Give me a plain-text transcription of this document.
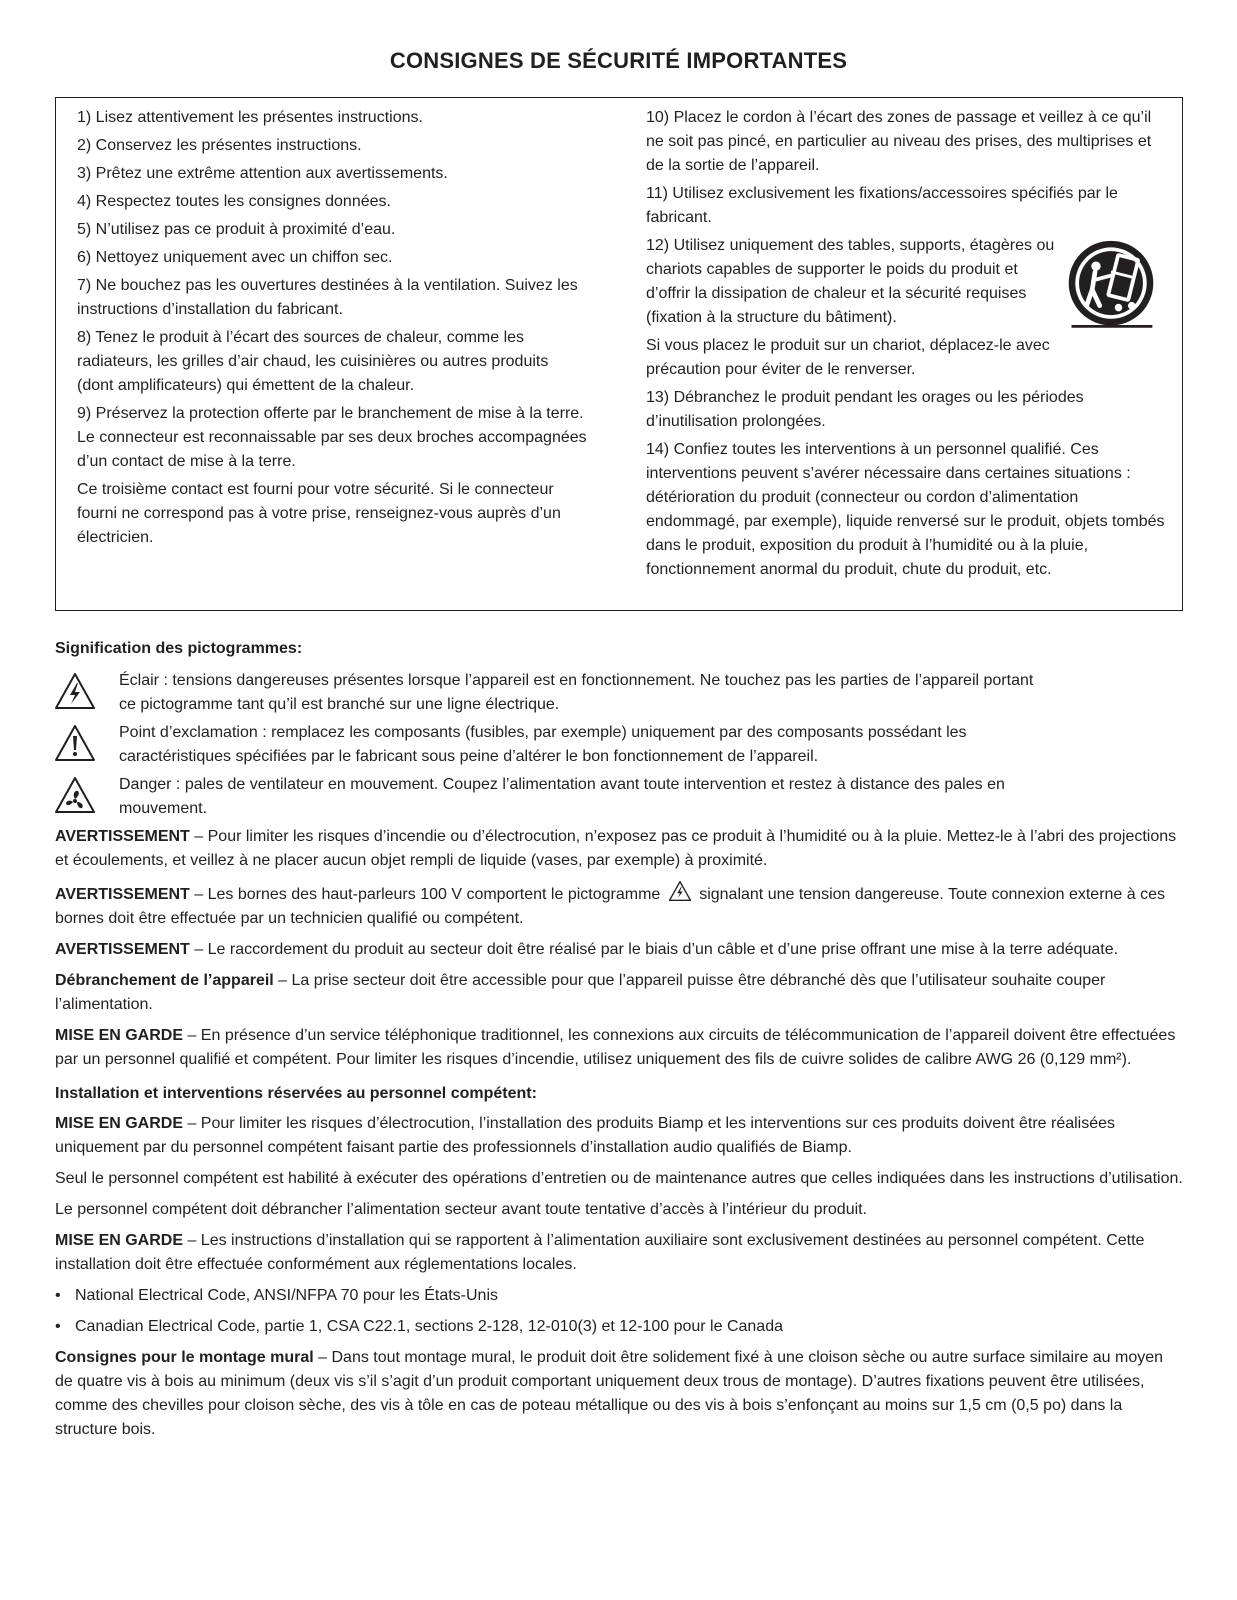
CONSIGNES DE SÉCURITÉ IMPORTANTES

1) Lisez attentivement les présentes instructions.

2) Conservez les présentes instructions.

3) Prêtez une extrême attention aux avertissements.

4) Respectez toutes les consignes données.

5) N’utilisez pas ce produit à proximité d’eau.

6) Nettoyez uniquement avec un chiffon sec.

7) Ne bouchez pas les ouvertures destinées à la ventilation. Suivez les instructions d’installation du fabricant.

8) Tenez le produit à l’écart des sources de chaleur, comme les radiateurs, les grilles d’air chaud, les cuisinières ou autres produits (dont amplificateurs) qui émettent de la chaleur.

9) Préservez la protection offerte par le branchement de mise à la terre. Le connecteur est reconnaissable par ses deux broches accompagnées d’un contact de mise à la terre.

Ce troisième contact est fourni pour votre sécurité. Si le connecteur fourni ne correspond pas à votre prise, renseignez-vous auprès d’un électricien.

10) Placez le cordon à l’écart des zones de passage et veillez à ce qu’il ne soit pas pincé, en particulier au niveau des prises, des multiprises et de la sortie de l’appareil.

11) Utilisez exclusivement les fixations/accessoires spécifiés par le fabricant.

12) Utilisez uniquement des tables, supports, étagères ou chariots capables de supporter le poids du produit et d’offrir la dissipation de chaleur et la sécurité requises (fixation à la structure du bâtiment).

Si vous placez le produit sur un chariot, déplacez-le avec précaution pour éviter de le renverser.

13) Débranchez le produit pendant les orages ou les périodes d’inutilisation prolongées.

14) Confiez toutes les interventions à un personnel qualifié. Ces interventions peuvent s’avérer nécessaire dans certaines situations : détérioration du produit (connecteur ou cordon d’alimentation endommagé, par exemple), liquide renversé sur le produit, objets tombés dans le produit, exposition du produit à l’humidité ou à la pluie, fonctionnement anormal du produit, chute du produit, etc.

Signification des pictogrammes:

Éclair : tensions dangereuses présentes lorsque l’appareil est en fonctionnement. Ne touchez pas les parties de l’appareil portant ce pictogramme tant qu’il est branché sur une ligne électrique.

Point d’exclamation : remplacez les composants (fusibles, par exemple) uniquement par des composants possédant les caractéristiques spécifiées par le fabricant sous peine d’altérer le bon fonctionnement de l’appareil.

Danger : pales de ventilateur en mouvement. Coupez l’alimentation avant toute intervention et restez à distance des pales en mouvement.

AVERTISSEMENT – Pour limiter les risques d’incendie ou d’électrocution, n’exposez pas ce produit à l’humidité ou à la pluie. Mettez-le à l’abri des projections et écoulements, et veillez à ne placer aucun objet rempli de liquide (vases, par exemple) à proximité.

AVERTISSEMENT – Les bornes des haut-parleurs 100 V comportent le pictogramme  signalant une tension dangereuse. Toute connexion externe à ces bornes doit être effectuée par un technicien qualifié ou compétent.

AVERTISSEMENT – Le raccordement du produit au secteur doit être réalisé par le biais d’un câble et d’une prise offrant une mise à la terre adéquate.

Débranchement de l’appareil – La prise secteur doit être accessible pour que l’appareil puisse être débranché dès que l’utilisateur souhaite couper l’alimentation.

MISE EN GARDE – En présence d’un service téléphonique traditionnel, les connexions aux circuits de télécommunication de l’appareil doivent être effectuées par un personnel qualifié et compétent. Pour limiter les risques d’incendie, utilisez uniquement des fils de cuivre solides de calibre AWG 26 (0,129 mm²).

Installation et interventions réservées au personnel compétent:

MISE EN GARDE – Pour limiter les risques d’électrocution, l’installation des produits Biamp et les interventions sur ces produits doivent être réalisées uniquement par du personnel compétent faisant partie des professionnels d’installation audio qualifiés de Biamp.

Seul le personnel compétent est habilité à exécuter des opérations d’entretien ou de maintenance autres que celles indiquées dans les instructions d’utilisation.

Le personnel compétent doit débrancher l’alimentation secteur avant toute tentative d’accès à l’intérieur du produit.

MISE EN GARDE – Les instructions d’installation qui se rapportent à l’alimentation auxiliaire sont exclusivement destinées au personnel compétent. Cette installation doit être effectuée conformément aux réglementations locales.

• National Electrical Code, ANSI/NFPA 70 pour les États-Unis

• Canadian Electrical Code, partie 1, CSA C22.1, sections 2-128, 12-010(3) et 12-100 pour le Canada

Consignes pour le montage mural – Dans tout montage mural, le produit doit être solidement fixé à une cloison sèche ou autre surface similaire au moyen de quatre vis à bois au minimum (deux vis s’il s’agit d’un produit comportant uniquement deux trous de montage). D’autres fixations peuvent être utilisées, comme des chevilles pour cloison sèche, des vis à tôle en cas de poteau métallique ou des vis à bois s’enfonçant au moins sur 1,5 cm (0,5 po) dans la structure bois.
